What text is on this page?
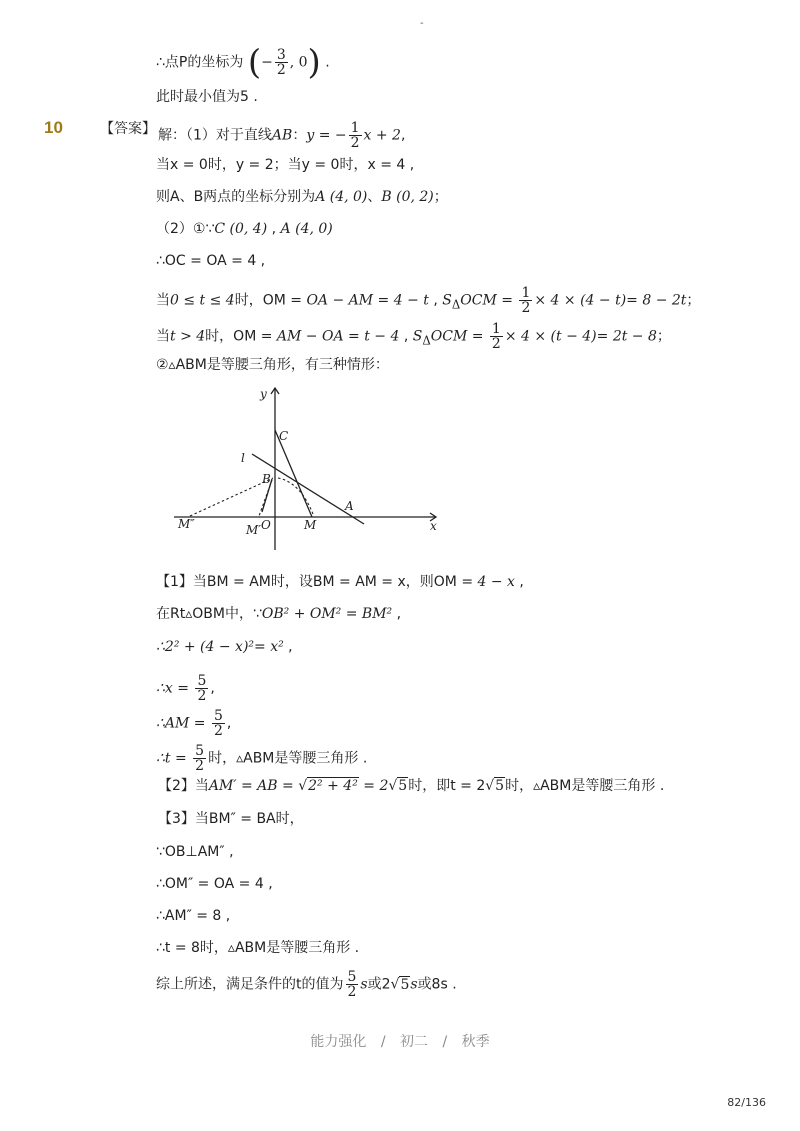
-
∴点P的坐标为 (− $\frac{3}{2}$ , 0) .
此时最小值为5 .
10	【答案】 解：（1）对于直线AB：y = − $\frac{1}{2}$ x + 2,
当x = 0时，y = 2；当y = 0时，x = 4 ,
则A、B两点的坐标分别为A (4, 0)、B (0, 2)；
（2）①∵C (0, 4) , A (4, 0)
∴OC = OA = 4 ,
当0 ≤ t ≤ 4时，OM = OA − AM = 4 − t , $S_\Delta OCM = \frac{1}{2} \times 4 \times (4 - t)= 8 - 2t$；
当t > 4时，OM = AM − OA = t − 4 , $S_\Delta OCM = \frac{1}{2} \times 4 \times (t - 4)= 2t - 8$；
②▵ABM是等腰三角形，有三种情形：
y
x
C
l
B
A
O	M
M′
M″
【1】当BM = AM时，设BM = AM = x，则OM = 4 − x ,
在Rt▵OBM中，∵OB² + OM² = BM² ,
∴2² + (4 − x)²= x² ,
∴x = $\frac{5}{2}$ ,
∴AM = $\frac{5}{2}$ ,
∴t = $\frac{5}{2}$ 时，▵ABM是等腰三角形 .
【2】当AM′ = AB = √2² + 4² = 2√5时，即t = 2√5时，▵ABM是等腰三角形 .
【3】当BM″ = BA时，
∵OB⊥AM″ ,
∴OM″ = OA = 4 ,
∴AM″ = 8 ,
∴t = 8时，▵ABM是等腰三角形 .
综上所述，满足条件的t的值为 $\frac{5}{2}$ s或2√5s或8s .
能力强化 / 初二 / 秋季
82/136
